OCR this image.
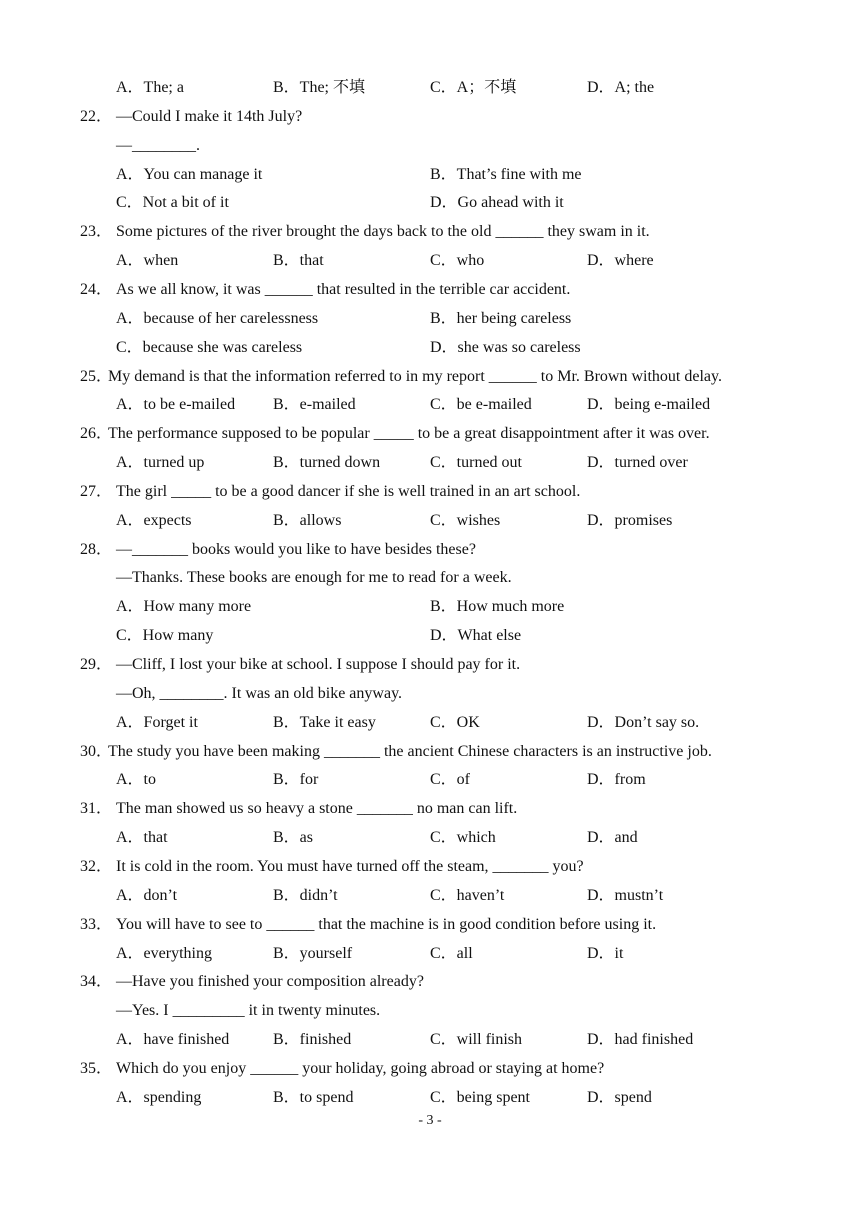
A．The; a	B．The; 不填	C．A；不填	D．A; the
22． —Could I make it 14th July?
—________.
A．You can manage it	B．That’s fine with me
C．Not a bit of it	D．Go ahead with it
23． Some pictures of the river brought the days back to the old ______ they swam in it.
A．when	B．that	C．who	D．where
24． As we all know, it was ______ that resulted in the terrible car accident.
A．because of her carelessness	B．her being careless
C．because she was careless	D．she was so careless
25．
My demand is that the information referred to in my report ______ to Mr. Brown without delay.
A．to be e-mailed B．e-mailed	C．be e-mailed	D．being e-mailed
26．
The performance supposed to be popular _____ to be a great disappointment after it was over.
A．turned up	B．turned down	C．turned out	D．turned over
27． The girl _____ to be a good dancer if she is well trained in an art school.
A．expects	B．allows	C．wishes	D．promises
28． —_______ books would you like to have besides these?
—Thanks. These books are enough for me to read for a week.
A．How many more	B．How much more
C．How many	D．What else
29． —Cliff, I lost your bike at school. I suppose I should pay for it.
—Oh, ________. It was an old bike anyway.
A．Forget it	B．Take it easy	C．OK	D．Don’t say so.
30．
The study you have been making _______ the ancient Chinese characters is an instructive job.
A．to	B．for	C．of	D．from
31． The man showed us so heavy a stone _______ no man can lift.
A．that	B．as	C．which	D．and
32． It is cold in the room. You must have turned off the steam, _______ you?
A．don’t	B．didn’t	C．haven’t	D．mustn’t
33． You will have to see to ______ that the machine is in good condition before using it.
A．everything	B．yourself	C．all	D．it
34． —Have you finished your composition already?
—Yes. I _________ it in twenty minutes.
A．have finished	B．finished	C．will finish	D．had finished
35． Which do you enjoy ______ your holiday, going abroad or staying at home?
A．spending	B．to spend	C．being spent	D．spend
- 3 -
